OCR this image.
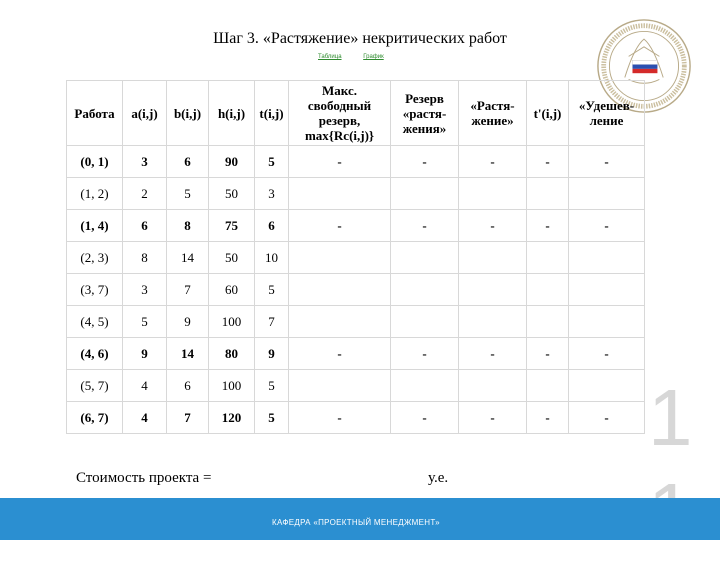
Шаг 3. «Растяжение» некритических работ
Таблица	График
Работа	a(i,j)	b(i,j)	h(i,j)	t(i,j)	Макс. свободный резерв, max{Rc(i,j)}	Резерв «растя-жения»	«Растя-жение»	t'(i,j)	«Удешев-ление
(0, 1)	3	6	90	5	-	-	-	-	-
(1, 2)	2	5	50	3					
(1, 4)	6	8	75	6	-	-	-	-	-
(2, 3)	8	14	50	10					
(3, 7)	3	7	60	5					
(4, 5)	5	9	100	7					
(4, 6)	9	14	80	9	-	-	-	-	-
(5, 7)	4	6	100	5					
(6, 7)	4	7	120	5	-	-	-	-	-
Стоимость проекта =	у.е.
1
КАФЕДРА «ПРОЕКТНЫЙ МЕНЕДЖМЕНТ»
